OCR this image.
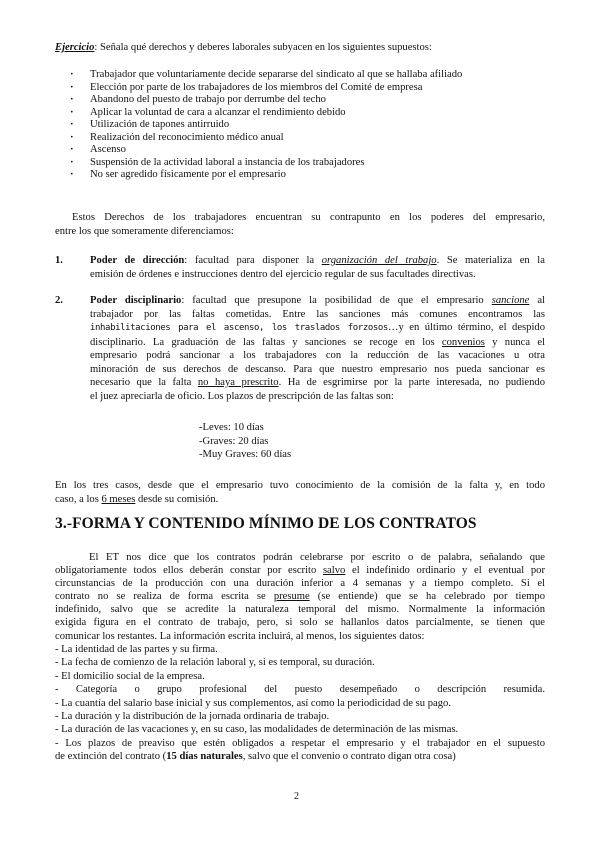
Ejercicio: Señala qué derechos y deberes laborales subyacen en los siguientes supuestos:

· Trabajador que voluntariamente decide separarse del sindicato al que se hallaba afiliado
· Elección por parte de los trabajadores de los miembros del Comité de empresa
· Abandono del puesto de trabajo por derrumbe del techo
· Aplicar la voluntad de cara a alcanzar el rendimiento debido
· Utilización de tapones antirruido
· Realización del reconocimiento médico anual
· Ascenso
· Suspensión de la actividad laboral a instancia de los trabajadores
· No ser agredido físicamente por el empresario

Estos Derechos de los trabajadores encuentran su contrapunto en los poderes del empresario,

entre los que someramente diferenciamos:

1.	Poder de dirección: facultad para disponer la organización del trabajo. Se materializa en la

emisión de órdenes e instrucciones dentro del ejercicio regular de sus facultades directivas.

2.	Poder disciplinario: facultad que presupone la posibilidad de que el empresario sancione al

trabajador por las faltas cometidas. Entre las sanciones más comunes encontramos las

inhabilitaciones para el ascenso, los traslados forzosos…y en último término, el despido

disciplinario. La graduación de las faltas y sanciones se recoge en los convenios y nunca el

empresario podrá sancionar a los trabajadores con la reducción de las vacaciones u otra

minoración de sus derechos de descanso. Para que nuestro empresario nos pueda sancionar es

necesario que la falta no haya prescrito. Ha de esgrimirse por la parte interesada, no pudiendo

el juez apreciarla de oficio. Los plazos de prescripción de las faltas son:

-Leves: 10 días

-Graves: 20 días

-Muy Graves: 60 días

En los tres casos, desde que el empresario tuvo conocimiento de la comisión de la falta y, en todo

caso, a los 6 meses desde su comisión.

3.-FORMA Y CONTENIDO MÍNIMO DE LOS CONTRATOS

El ET nos dice que los contratos podrán celebrarse por escrito o de palabra, señalando que

obligatoriamente todos ellos deberán constar por escrito salvo el indefinido ordinario y el eventual por

circunstancias de la producción con una duración inferior a 4 semanas y a tiempo completo. Si el

contrato no se realiza de forma escrita se presume (se entiende) que se ha celebrado por tiempo

indefinido, salvo que se acredite la naturaleza temporal del mismo. Normalmente la información

exigida figura en el contrato de trabajo, pero, si solo se hallanlos datos parcialmente, se tienen que

comunicar los restantes. La información escrita incluirá, al menos, los siguientes datos:

- La identidad de las partes y su firma.

- La fecha de comienzo de la relación laboral y, si es temporal, su duración.

- El domicilio social de la empresa.

- Categoría o grupo profesional del puesto desempeñado o descripción resumida.

- La cuantía del salario base inicial y sus complementos, así como la periodicidad de su pago.

- La duración y la distribución de la jornada ordinaria de trabajo.

- La duración de las vacaciones y, en su caso, las modalidades de determinación de las mismas.

- Los plazos de preaviso que estén obligados a respetar el empresario y el trabajador en el supuesto

de extinción del contrato (15 días naturales, salvo que el convenio o contrato digan otra cosa)

2
